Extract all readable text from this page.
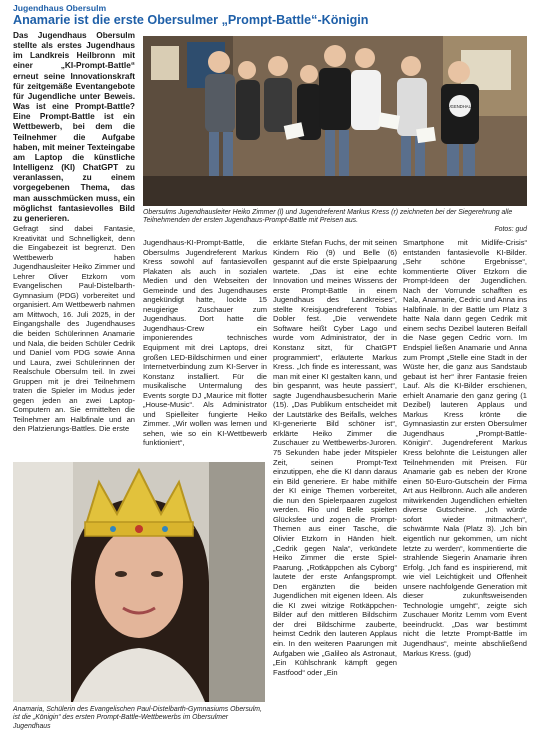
Jugendhaus Obersulm
Anamarie ist die erste Obersulmer „Prompt-Battle“-Königin

Das Jugendhaus Obersulm stellte als erstes Jugendhaus im Landkreis Heilbronn mit einer „KI-Prompt-Battle“ erneut seine Innovationskraft für zeitgemäße Eventangebote für Jugendliche unter Beweis. Was ist eine Prompt-Battle? Eine Prompt-Battle ist ein Wettbewerb, bei dem die Teilnehmer die Aufgabe haben, mit meiner Texteingabe am Laptop die künstliche Intelligenz (KI) ChatGPT zu veranlassen, zu einem vorgegebenen Thema, das man ausschmücken muss, ein möglichst fantasievolles Bild zu generieren.

JUGENDHAUS
Obersulms Jugendhausleiter Heiko Zimmer (l) und Jugendreferent Markus Kress (r) zeichneten bei der Siegerehrung alle Teilnehmenden der ersten Jugendhaus-Prompt-Battle mit Preisen aus.
Fotos: gud

Gefragt sind dabei Fantasie, Kreativität und Schnelligkeit, denn die Eingabezeit ist begrenzt. Den Wettbewerb haben Jugendhausleiter Heiko Zimmer und Lehrer Oliver Etzkorn vom Evangelischen Paul-Distelbarth-Gymnasium (PDG) vorbereitet und organisiert. Am Wettbewerb nahmen am Mittwoch, 16. Juli 2025, in der Eingangshalle des Jugendhauses die beiden Schülerinnen Anamarie und Nala, die beiden Schüler Cedrik und Daniel vom PDG sowie Anna und Laura, zwei Schülerinnen der Realschule Obersulm teil. In zwei Gruppen mit je drei Teilnehmern traten die Spieler im Modus jeder gegen jeden an zwei Laptop-Computern an. Sie ermittelten die Teilnehmer am Halbfinale und an den Platzierungs-Battles. Die erste

Jugendhaus-KI-Prompt-Battle, die Obersulms Jugendreferent Markus Kress sowohl auf fantasievollen Plakaten als auch in sozialen Medien und den Webseiten der Gemeinde und des Jugendhauses angekündigt hatte, lockte 15 neugierige Zuschauer zum Jugendhaus. Dort hatte die Jugendhaus-Crew ein imponierendes technisches Equipment mit drei Laptops, drei großen LED-Bildschirmen und einer Internetverbindung zum KI-Server in Konstanz installiert. Für die musikalische Untermalung des Events sorgte DJ „Maurice mit flotter „House-Music“. Als Administrator und Spielleiter fungierte Heiko Zimmer. „Wir wollen was lernen und sehen, wie so ein KI-Wettbewerb funktioniert“,

erklärte Stefan Fuchs, der mit seinen Kindern Rio (9) und Belle (6) gespannt auf die erste Spielpaarung wartete. „Das ist eine echte Innovation und meines Wissens der erste Prompt-Battle in einem Jugendhaus des Landkreises“, stellte Kreisjugendreferent Tobias Dobler fest. „Die verwendete Software heißt Cyber Lago und wurde vom Administrator, der in Konstanz sitzt, für ChatGPT programmiert“, erläuterte Markus Kress. „Ich finde es interessant, was man mit einer KI gestalten kann, und bin gespannt, was heute passiert“, sagte Jugendhausbesucherin Marie (15). „Das Publikum entscheidet mit der Lautstärke des Beifalls, welches KI-generierte Bild schöner ist“, erklärte Heiko Zimmer die Zuschauer zu Wettbewerbs-Juroren. 75 Sekunden habe jeder Mitspieler Zeit, seinen Prompt-Text einzutippen, ehe die KI dann daraus ein Bild generiere. Er habe mithilfe der KI einige Themen vorbereitet, die nun den Spielerpaaren zugelost werden. Rio und Belle spielten Glücksfee und zogen die Prompt-Themen aus einer Tasche, die Olivier Etzkorn in Händen hielt. „Cedrik gegen Nala“, verkündete Heiko Zimmer die erste Spiel-Paarung. „Rotkäppchen als Cyborg“ lautete der erste Anfangsprompt. Den ergänzten die beiden Jugendlichen mit eigenen Ideen. Als die KI zwei witzige Rotkäppchen-Bilder auf den mittleren Bildschirm der drei Bildschirme zauberte, heimst Cedrik den lauteren Applaus ein. In den weiteren Paarungen mit Aufgaben wie „Galileo als Astronaut, „Ein Kühlschrank kämpft gegen Fastfood“ oder „Ein

Smartphone mit Midlife-Crisis“ entstanden fantasievolle KI-Bilder. „Sehr schöne Ergebnisse“, kommentierte Oliver Etzkorn die Prompt-Ideen der Jugendlichen. Nach der Vorrunde schafften es Nala, Anamarie, Cedric und Anna ins Halbfinale. In der Battle um Platz 3 hatte Nala dann gegen Cedrik mit einem sechs Dezibel lauteren Beifall die Nase gegen Cedric vorn. Im Endspiel ließen Anamarie und Anna zum Prompt „Stelle eine Stadt in der Wüste her, die ganz aus Sandstaub gebaut ist her“ ihrer Fantasie freien Lauf. Als die KI-Bilder erschienen, erhielt Anamarie den ganz gering (1 Dezibel) lauteren Applaus und Markus Kress krönte die Gymnasiastin zur ersten Obersulmer Jugendhaus „Prompt-Battle-Königin“. Jugendreferent Markus Kress belohnte die Leistungen aller Teilnehmenden mit Preisen. Für Anamarie gab es neben der Krone einen 50-Euro-Gutschein der Firma Art aus Heilbronn. Auch alle anderen mitwirkenden Jugendlichen erhielten diverse Gutscheine. „Ich würde sofort wieder mitmachen“, schwärmte Nala (Platz 3). „Ich bin eigentlich nur gekommen, um nicht letzte zu werden“, kommentierte die strahlende Siegerin Anamarie ihren Erfolg. „Ich fand es inspirierend, mit wie viel Leichtigkeit und Offenheit unsere nachfolgende Generation mit dieser zukunftsweisenden Technologie umgeht“, zeigte sich Zuschauer Moritz Lemm vom Event beeindruckt. „Das war bestimmt nicht die letzte Prompt-Battle im Jugendhaus“, meinte abschließend Markus Kress. (gud)

Anamaria, Schülerin des Evangelischen Paul-Distelbarth-Gymnasiums Obersulm, ist die „Königin“ des ersten Prompt-Battle-Wettbewerbs im Obersulmer Jugendhaus
